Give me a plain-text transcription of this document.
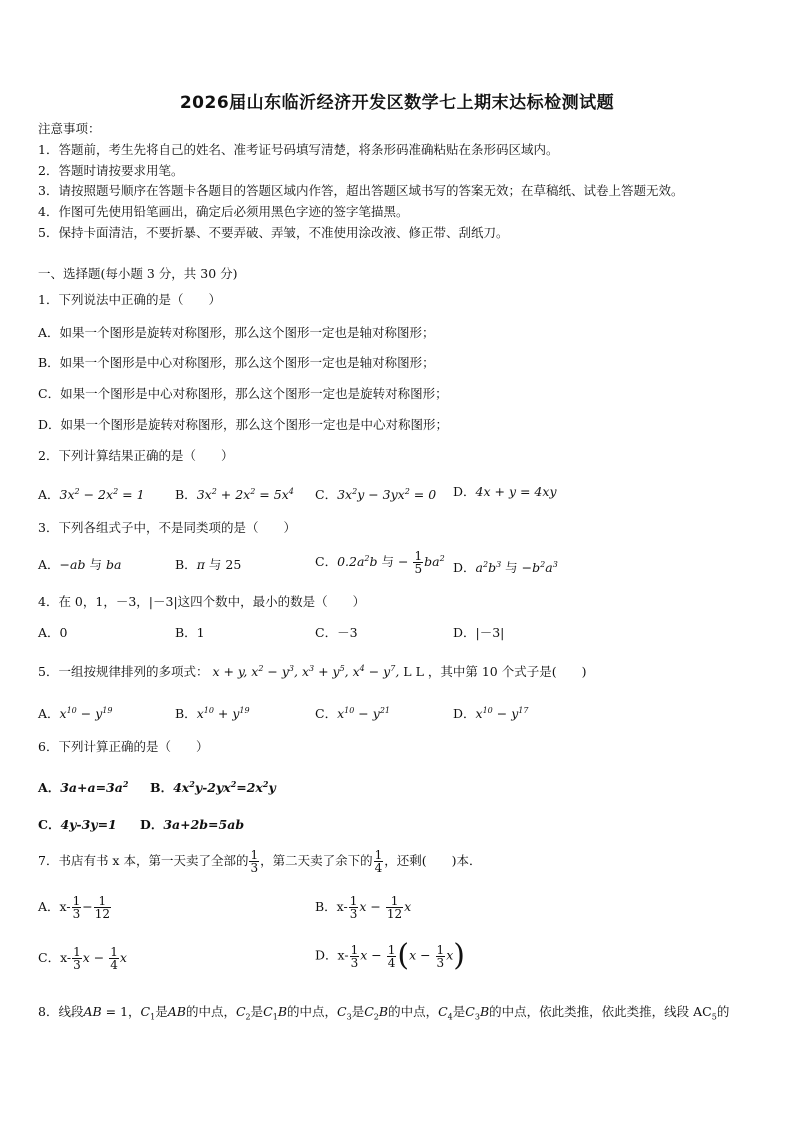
2026届山东临沂经济开发区数学七上期末达标检测试题
注意事项：
1．答题前，考生先将自己的姓名、准考证号码填写清楚，将条形码准确粘贴在条形码区域内。
2．答题时请按要求用笔。
3．请按照题号顺序在答题卡各题目的答题区域内作答，超出答题区域书写的答案无效；在草稿纸、试卷上答题无效。
4．作图可先使用铅笔画出，确定后必须用黑色字迹的签字笔描黑。
5．保持卡面清洁，不要折暴、不要弄破、弄皱，不准使用涂改液、修正带、刮纸刀。
一、选择题(每小题 3 分，共 30 分)
1．下列说法中正确的是（　　）
A．如果一个图形是旋转对称图形，那么这个图形一定也是轴对称图形；
B．如果一个图形是中心对称图形，那么这个图形一定也是轴对称图形；
C．如果一个图形是中心对称图形，那么这个图形一定也是旋转对称图形；
D．如果一个图形是旋转对称图形，那么这个图形一定也是中心对称图形；
2．下列计算结果正确的是（　　）
A．$3x^2 - 2x^2 = 1$ B．$3x^2 + 2x^2 = 5x^4$ C．$3x^2y - 3yx^2 = 0$ D．4x + y = 4xy
3．下列各组式子中，不是同类项的是（　　）
A．−ab 与 ba	B．π 与 25	C．$0.2a^2b$ 与 − $\frac{1}{5} ba^2$
D．$a^2b^3$ 与 $-b^2a^3$
4．在 0，1，－3，|－3|这四个数中，最小的数是（　　）
A．0	B．1	C．－3	D．|－3|
5．一组按规律排列的多项式： x + y, $x^2 - y^3$, $x^3 + y^5$, $x^4 - y^7$, L L ，其中第 10 个式子是(　　)
A．$x^{10} - y^{19}$	B．$x^{10} + y^{19}$	C．$x^{10} - y^{21}$	D．$x^{10} - y^{17}$
6．下列计算正确的是（　　）
A．$3a+a=3a^2$ B．$4x^2y-2yx^2=2x^2y$
C．4y-3y=1 D．3a+2b=5ab
7．书店有书 x 本，第一天卖了全部的 $\frac{1}{3}$ ，第二天卖了余下的 $\frac{1}{4}$ ，还剩(　　)本．
A．$x- \frac{1}{3} - \frac{1}{12}$	B．$x- \frac{1}{3}$ $x - \frac{1}{12}$ x
C．$x- \frac{1}{3}$ $x - \frac{1}{4}$ x	D．$x- \frac{1}{3}$ $x - \frac{1}{4} (x - \frac{1}{3} x)$
8．线段AB = 1，$C_1$是AB的中点，$C_2$是$C_1B$的中点，$C_3$是$C_2B$的中点，$C_4$是$C_3B$的中点，依此类推，依此类推，线段 $AC_5$的
